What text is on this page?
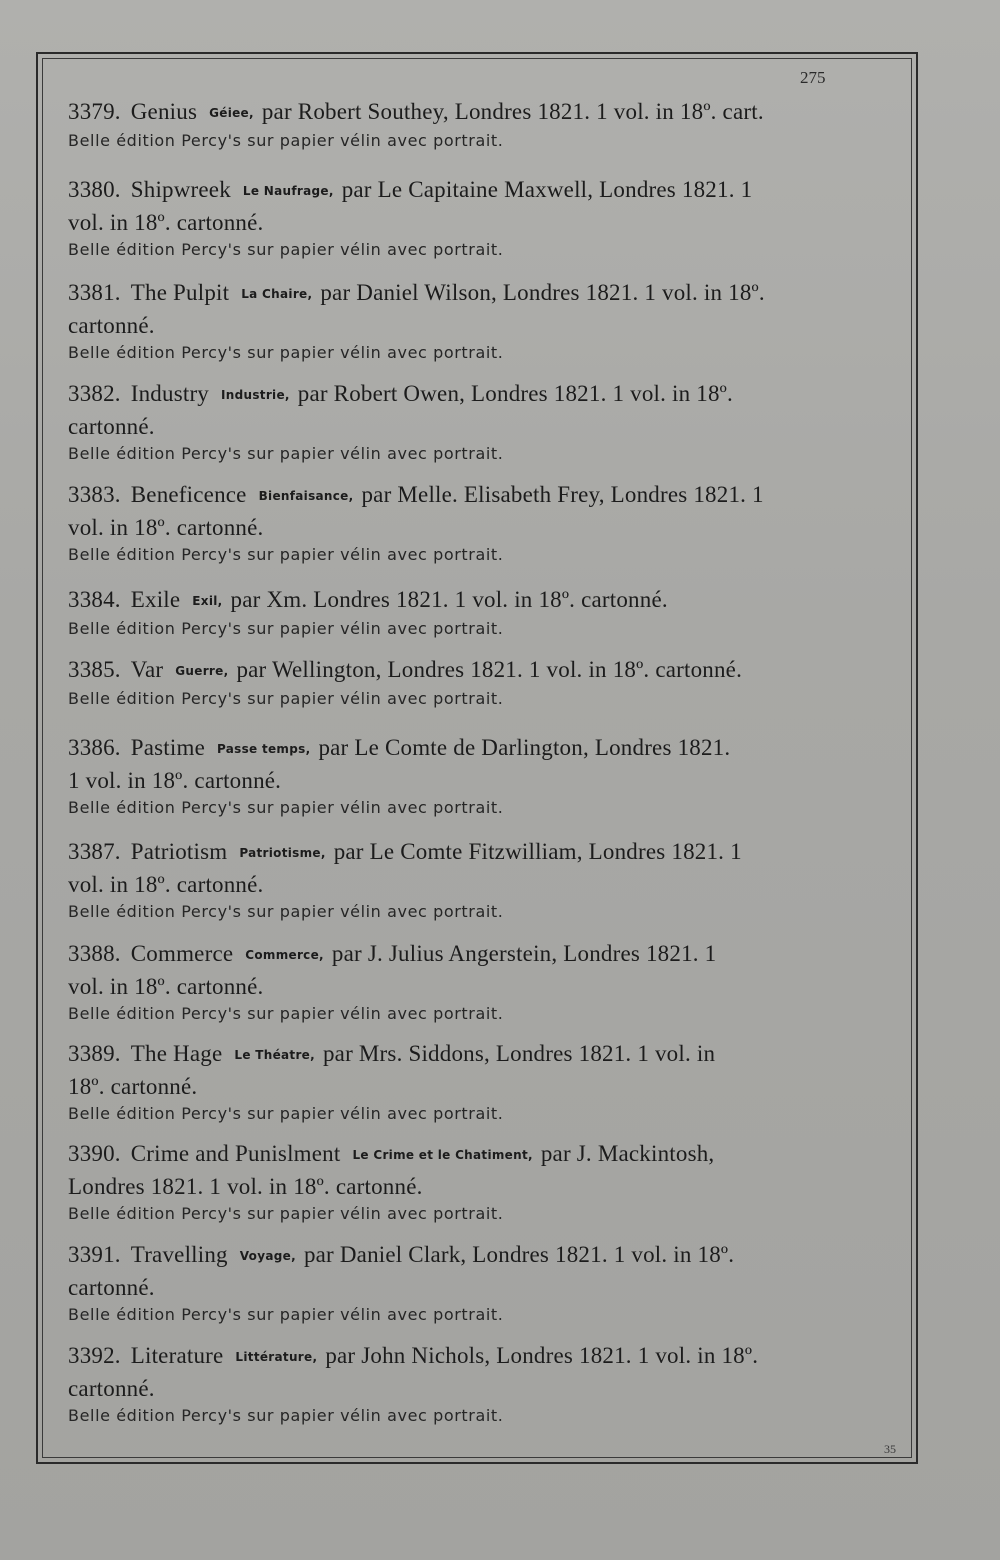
275
3379. Genius Géiee, par Robert Southey, Londres 1821. 1 vol. in 18º. cart.
Belle édition Percy's sur papier vélin avec portrait.
3380. Shipwreek Le Naufrage, par Le Capitaine Maxwell, Londres 1821. 1
vol. in 18º. cartonné.
Belle édition Percy's sur papier vélin avec portrait.
3381. The Pulpit La Chaire, par Daniel Wilson, Londres 1821. 1 vol. in 18º.
cartonné.
Belle édition Percy's sur papier vélin avec portrait.
3382. Industry Industrie, par Robert Owen, Londres 1821. 1 vol. in 18º.
cartonné.
Belle édition Percy's sur papier vélin avec portrait.
3383. Beneficence Bienfaisance, par Melle. Elisabeth Frey, Londres 1821. 1
vol. in 18º. cartonné.
Belle édition Percy's sur papier vélin avec portrait.
3384. Exile Exil, par Xm. Londres 1821. 1 vol. in 18º. cartonné.
Belle édition Percy's sur papier vélin avec portrait.
3385. Var Guerre, par Wellington, Londres 1821. 1 vol. in 18º. cartonné.
Belle édition Percy's sur papier vélin avec portrait.
3386. Pastime Passe temps, par Le Comte de Darlington, Londres 1821.
1 vol. in 18º. cartonné.
Belle édition Percy's sur papier vélin avec portrait.
3387. Patriotism Patriotisme, par Le Comte Fitzwilliam, Londres 1821. 1
vol. in 18º. cartonné.
Belle édition Percy's sur papier vélin avec portrait.
3388. Commerce Commerce, par J. Julius Angerstein, Londres 1821. 1
vol. in 18º. cartonné.
Belle édition Percy's sur papier vélin avec portrait.
3389. The Hage Le Théatre, par Mrs. Siddons, Londres 1821. 1 vol. in
18º. cartonné.
Belle édition Percy's sur papier vélin avec portrait.
3390. Crime and Punislment Le Crime et le Chatiment, par J. Mackintosh,
Londres 1821. 1 vol. in 18º. cartonné.
Belle édition Percy's sur papier vélin avec portrait.
3391. Travelling Voyage, par Daniel Clark, Londres 1821. 1 vol. in 18º.
cartonné.
Belle édition Percy's sur papier vélin avec portrait.
3392. Literature Littérature, par John Nichols, Londres 1821. 1 vol. in 18º.
cartonné.
Belle édition Percy's sur papier vélin avec portrait.
35
